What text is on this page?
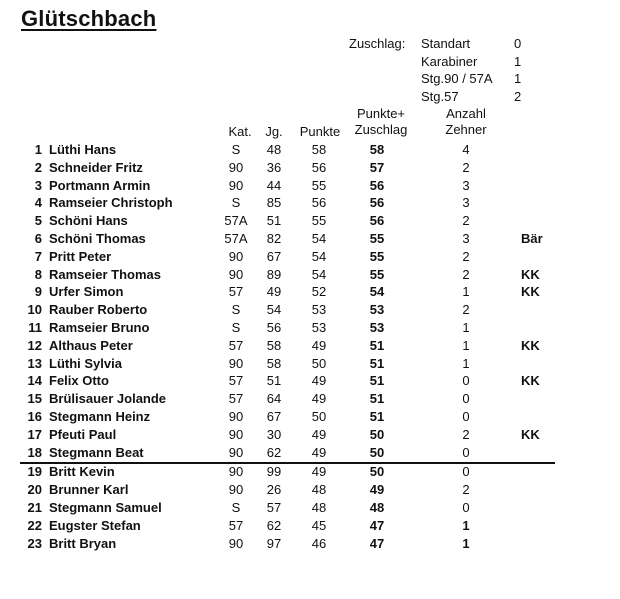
Glütschbach
Zuschlag: Standart	0
Karabiner	1
Stg.90 / 57A 1
Stg.57	2
Kat.	Jg. Punkte
Punkte+
Zuschlag
Anzahl
Zehner
1 Lüthi Hans	S	48	58	58	4
2 Schneider Fritz	90	36	56	57	2
3 Portmann Armin	90	44	55	56	3
4 Ramseier Christoph	S	85	56	56	3
5 Schöni Hans	57A	51	55	56	2
6 Schöni Thomas	57A	82	54	55	3	Bär
7 Pritt Peter	90	67	54	55	2
8 Ramseier Thomas	90	89	54	55	2	KK
9 Urfer Simon	57	49	52	54	1	KK
10 Rauber Roberto	S	54	53	53	2
11 Ramseier Bruno	S	56	53	53	1
12 Althaus Peter	57	58	49	51	1	KK
13 Lüthi Sylvia	90	58	50	51	1
14 Felix Otto	57	51	49	51	0	KK
15 Brülisauer Jolande	57	64	49	51	0
16 Stegmann Heinz	90	67	50	51	0
17 Pfeuti Paul	90	30	49	50	2	KK
18 Stegmann Beat	90	62	49	50	0
19 Britt Kevin	90	99	49	50	0
20 Brunner Karl	90	26	48	49	2
21 Stegmann Samuel	S	57	48	48	0
22 Eugster Stefan	57	62	45	47	1
23 Britt Bryan	90	97	46	47	1
